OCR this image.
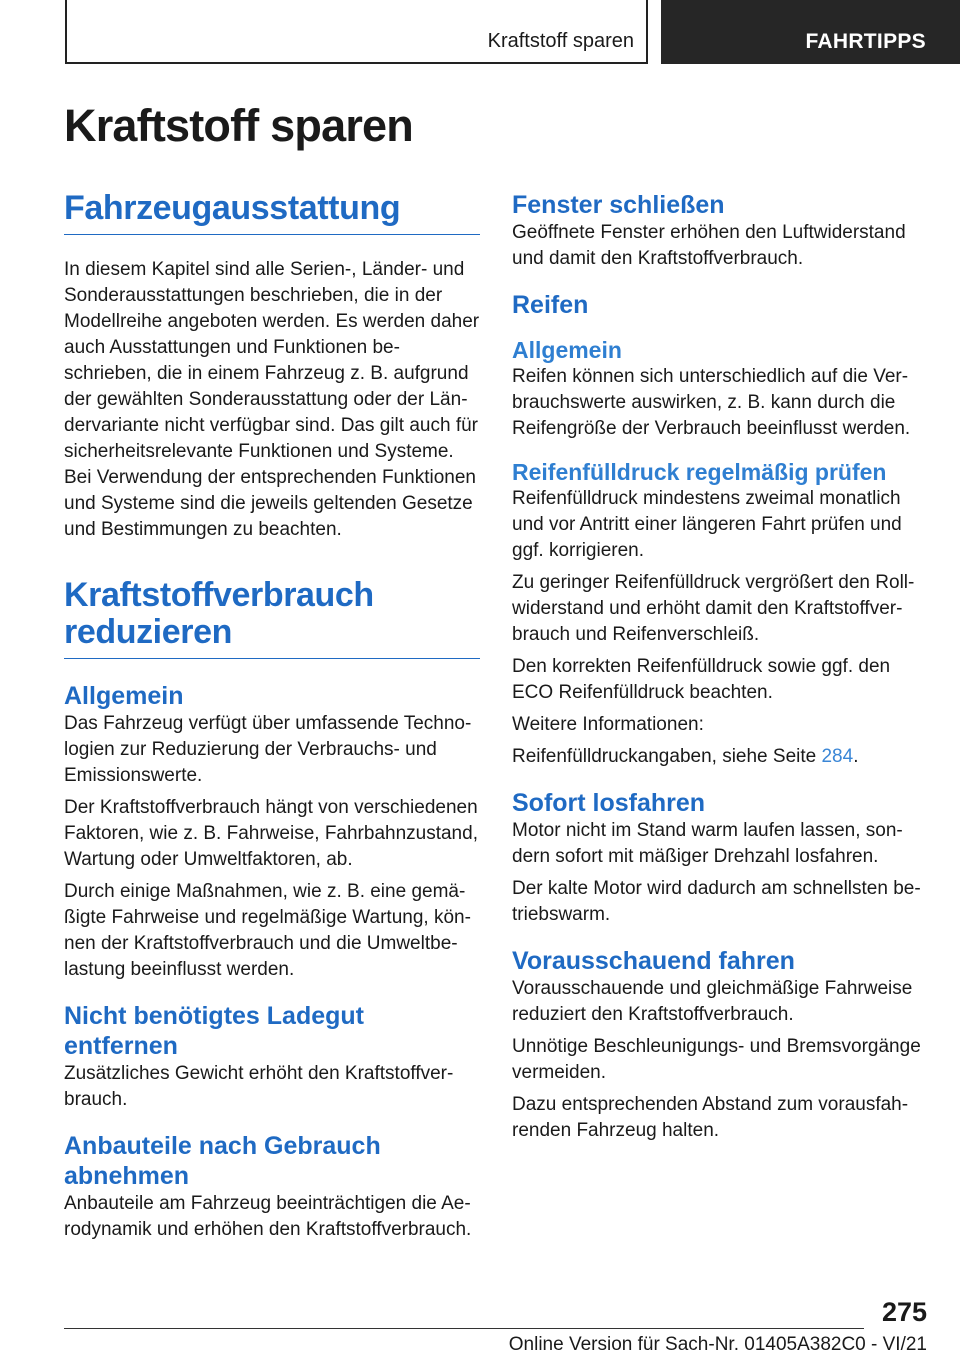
Kraftstoff sparen	FAHRTIPPS
Kraftstoff sparen
Fahrzeugausstattung

In diesem Kapitel sind alle Serien-, Länder- und Sonderausstattungen beschrieben, die in der Modellreihe angeboten werden. Es werden daher auch Ausstattungen und Funktionen beschrieben, die in einem Fahrzeug z. B. aufgrund der gewählten Sonderausstattung oder der Ländervariante nicht verfügbar sind. Das gilt auch für sicherheitsrelevante Funktionen und Systeme. Bei Verwendung der entsprechenden Funktionen und Systeme sind die jeweils geltenden Gesetze und Bestimmungen zu beachten.

Kraftstoffverbrauch reduzieren
Allgemein

Das Fahrzeug verfügt über umfassende Technologien zur Reduzierung der Verbrauchs- und Emissionswerte.

Der Kraftstoffverbrauch hängt von verschiedenen Faktoren, wie z. B. Fahrweise, Fahrbahnzustand, Wartung oder Umweltfaktoren, ab.

Durch einige Maßnahmen, wie z. B. eine gemäßigte Fahrweise und regelmäßige Wartung, können der Kraftstoffverbrauch und die Umweltbelastung beeinflusst werden.

Nicht benötigtes Ladegut entfernen

Zusätzliches Gewicht erhöht den Kraftstoffverbrauch.

Anbauteile nach Gebrauch abnehmen

Anbauteile am Fahrzeug beeinträchtigen die Aerodynamik und erhöhen den Kraftstoffverbrauch.

Fenster schließen

Geöffnete Fenster erhöhen den Luftwiderstand und damit den Kraftstoffverbrauch.

Reifen
Allgemein

Reifen können sich unterschiedlich auf die Verbrauchswerte auswirken, z. B. kann durch die Reifengröße der Verbrauch beeinflusst werden.

Reifenfülldruck regelmäßig prüfen

Reifenfülldruck mindestens zweimal monatlich und vor Antritt einer längeren Fahrt prüfen und ggf. korrigieren.

Zu geringer Reifenfülldruck vergrößert den Rollwiderstand und erhöht damit den Kraftstoffverbrauch und Reifenverschleiß.

Den korrekten Reifenfülldruck sowie ggf. den ECO Reifenfülldruck beachten.

Weitere Informationen:

Reifenfülldruckangaben, siehe Seite 284.

Sofort losfahren

Motor nicht im Stand warm laufen lassen, sondern sofort mit mäßiger Drehzahl losfahren.

Der kalte Motor wird dadurch am schnellsten betriebswarm.

Vorausschauend fahren

Vorausschauende und gleichmäßige Fahrweise reduziert den Kraftstoffverbrauch.

Unnötige Beschleunigungs- und Bremsvorgänge vermeiden.

Dazu entsprechenden Abstand zum vorausfahrenden Fahrzeug halten.

275
Online Version für Sach-Nr. 01405A382C0 - VI/21
